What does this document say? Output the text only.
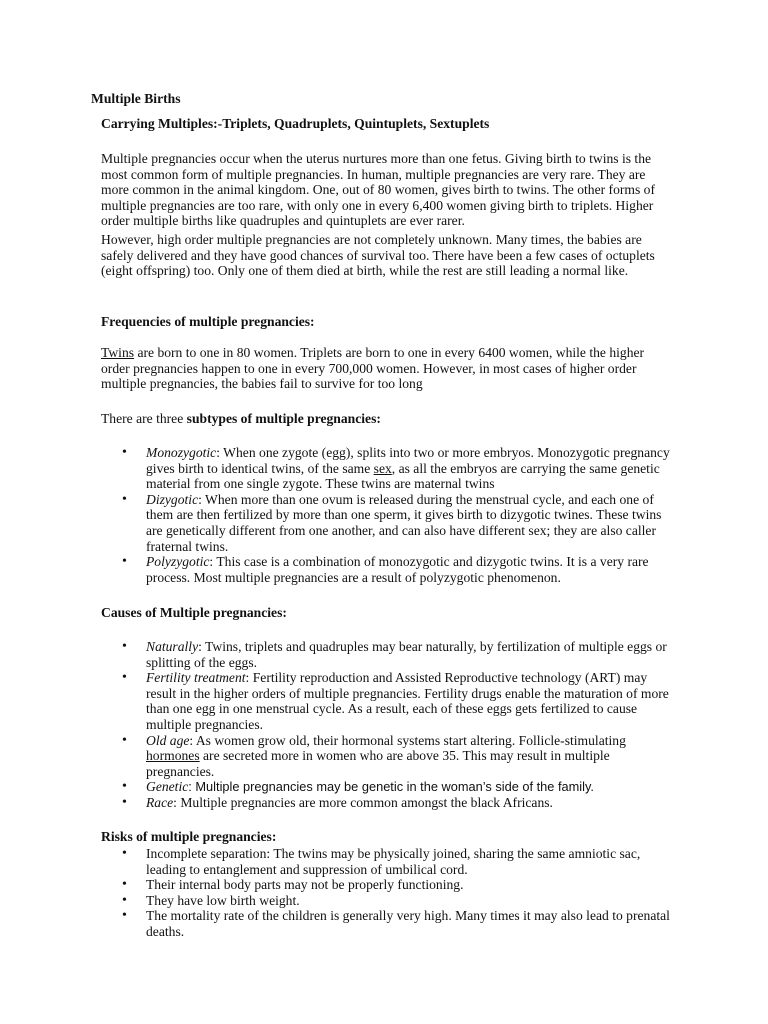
Multiple Births
Carrying Multiples:-Triplets, Quadruplets, Quintuplets, Sextuplets

Multiple pregnancies occur when the uterus nurtures more than one fetus. Giving birth to twins is the most common form of multiple pregnancies. In human, multiple pregnancies are very rare. They are more common in the animal kingdom. One, out of 80 women, gives birth to twins. The other forms of multiple pregnancies are too rare, with only one in every 6,400 women giving birth to triplets. Higher order multiple births like quadruples and quintuplets are ever rarer.

However, high order multiple pregnancies are not completely unknown. Many times, the babies are safely delivered and they have good chances of survival too. There have been a few cases of octuplets (eight offspring) too. Only one of them died at birth, while the rest are still leading a normal like.

Frequencies of multiple pregnancies:

Twins are born to one in 80 women. Triplets are born to one in every 6400 women, while the higher order pregnancies happen to one in every 700,000 women. However, in most cases of higher order multiple pregnancies, the babies fail to survive for too long

There are three subtypes of multiple pregnancies:

• Monozygotic: When one zygote (egg), splits into two or more embryos. Monozygotic pregnancy gives birth to identical twins, of the same sex, as all the embryos are carrying the same genetic material from one single zygote. These twins are maternal twins
• Dizygotic: When more than one ovum is released during the menstrual cycle, and each one of them are then fertilized by more than one sperm, it gives birth to dizygotic twines. These twins are genetically different from one another, and can also have different sex; they are also caller fraternal twins.
• Polyzygotic: This case is a combination of monozygotic and dizygotic twins. It is a very rare process. Most multiple pregnancies are a result of polyzygotic phenomenon.
Causes of Multiple pregnancies:
• Naturally: Twins, triplets and quadruples may bear naturally, by fertilization of multiple eggs or splitting of the eggs.
• Fertility treatment: Fertility reproduction and Assisted Reproductive technology (ART) may result in the higher orders of multiple pregnancies. Fertility drugs enable the maturation of more than one egg in one menstrual cycle. As a result, each of these eggs gets fertilized to cause multiple pregnancies.
• Old age: As women grow old, their hormonal systems start altering. Follicle-stimulating hormones are secreted more in women who are above 35. This may result in multiple pregnancies.
• Genetic: Multiple pregnancies may be genetic in the woman’s side of the family.
• Race: Multiple pregnancies are more common amongst the black Africans.
Risks of multiple pregnancies:
• Incomplete separation: The twins may be physically joined, sharing the same amniotic sac, leading to entanglement and suppression of umbilical cord.
• Their internal body parts may not be properly functioning.
• They have low birth weight.
• The mortality rate of the children is generally very high. Many times it may also lead to prenatal deaths.
